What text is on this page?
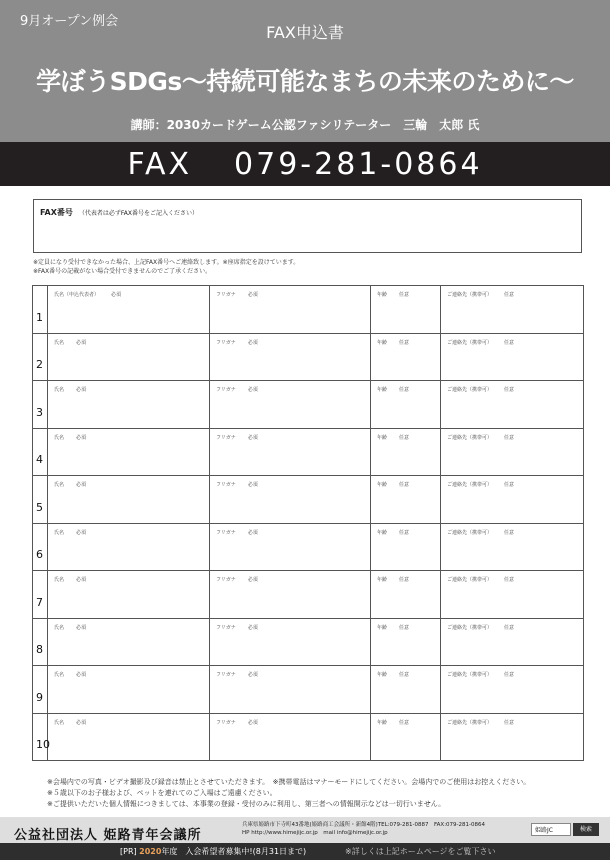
9月オープン例会
FAX申込書
学ぼうSDGs～持続可能なまちの未来のために～
講師：2030カードゲーム公認ファシリテーター　三輪　太郎 氏
FAX 079-281-0864
FAX番号 （代表者は必ずFAX番号をご記入ください）
※定員になり受付できなかった場合、上記FAX番号へご連絡致します。※座席指定を設けています。
※FAX番号の記載がない場合受付できませんのでご了承ください。
1	氏名（申込代表者） 必須	フリガナ 必須	年齢 任意	ご連絡先（携帯可） 任意
2	氏名 必須	フリガナ 必須	年齢 任意	ご連絡先（携帯可） 任意
3	氏名 必須	フリガナ 必須	年齢 任意	ご連絡先（携帯可） 任意
4	氏名 必須	フリガナ 必須	年齢 任意	ご連絡先（携帯可） 任意
5	氏名 必須	フリガナ 必須	年齢 任意	ご連絡先（携帯可） 任意
6	氏名 必須	フリガナ 必須	年齢 任意	ご連絡先（携帯可） 任意
7	氏名 必須	フリガナ 必須	年齢 任意	ご連絡先（携帯可） 任意
8	氏名 必須	フリガナ 必須	年齢 任意	ご連絡先（携帯可） 任意
9	氏名 必須	フリガナ 必須	年齢 任意	ご連絡先（携帯可） 任意
10	氏名 必須	フリガナ 必須	年齢 任意	ご連絡先（携帯可） 任意
※会場内での写真・ビデオ撮影及び録音は禁止とさせていただきます。　※携帯電話はマナーモードにしてください。会場内でのご使用はお控えください。
※５歳以下のお子様および、ペットを連れてのご入場はご遠慮ください。
※ご提供いただいた個人情報につきましては、本事業の登録・受付のみに利用し、第三者への情報開示などは一切行いません。
公益社団法人 姫路青年会議所
兵庫県姫路市下寺町43番地(姫路商工会議所・新館4階)TEL:079-281-0887　FAX:079-281-0864
HP http://www.himejijc.or.jp　mail info@himejijc.or.jp	姫路JC	検索
[PR] 2020年度　入会希望者募集中!(8月31日まで)	※詳しくは上記ホームページをご覧下さい
